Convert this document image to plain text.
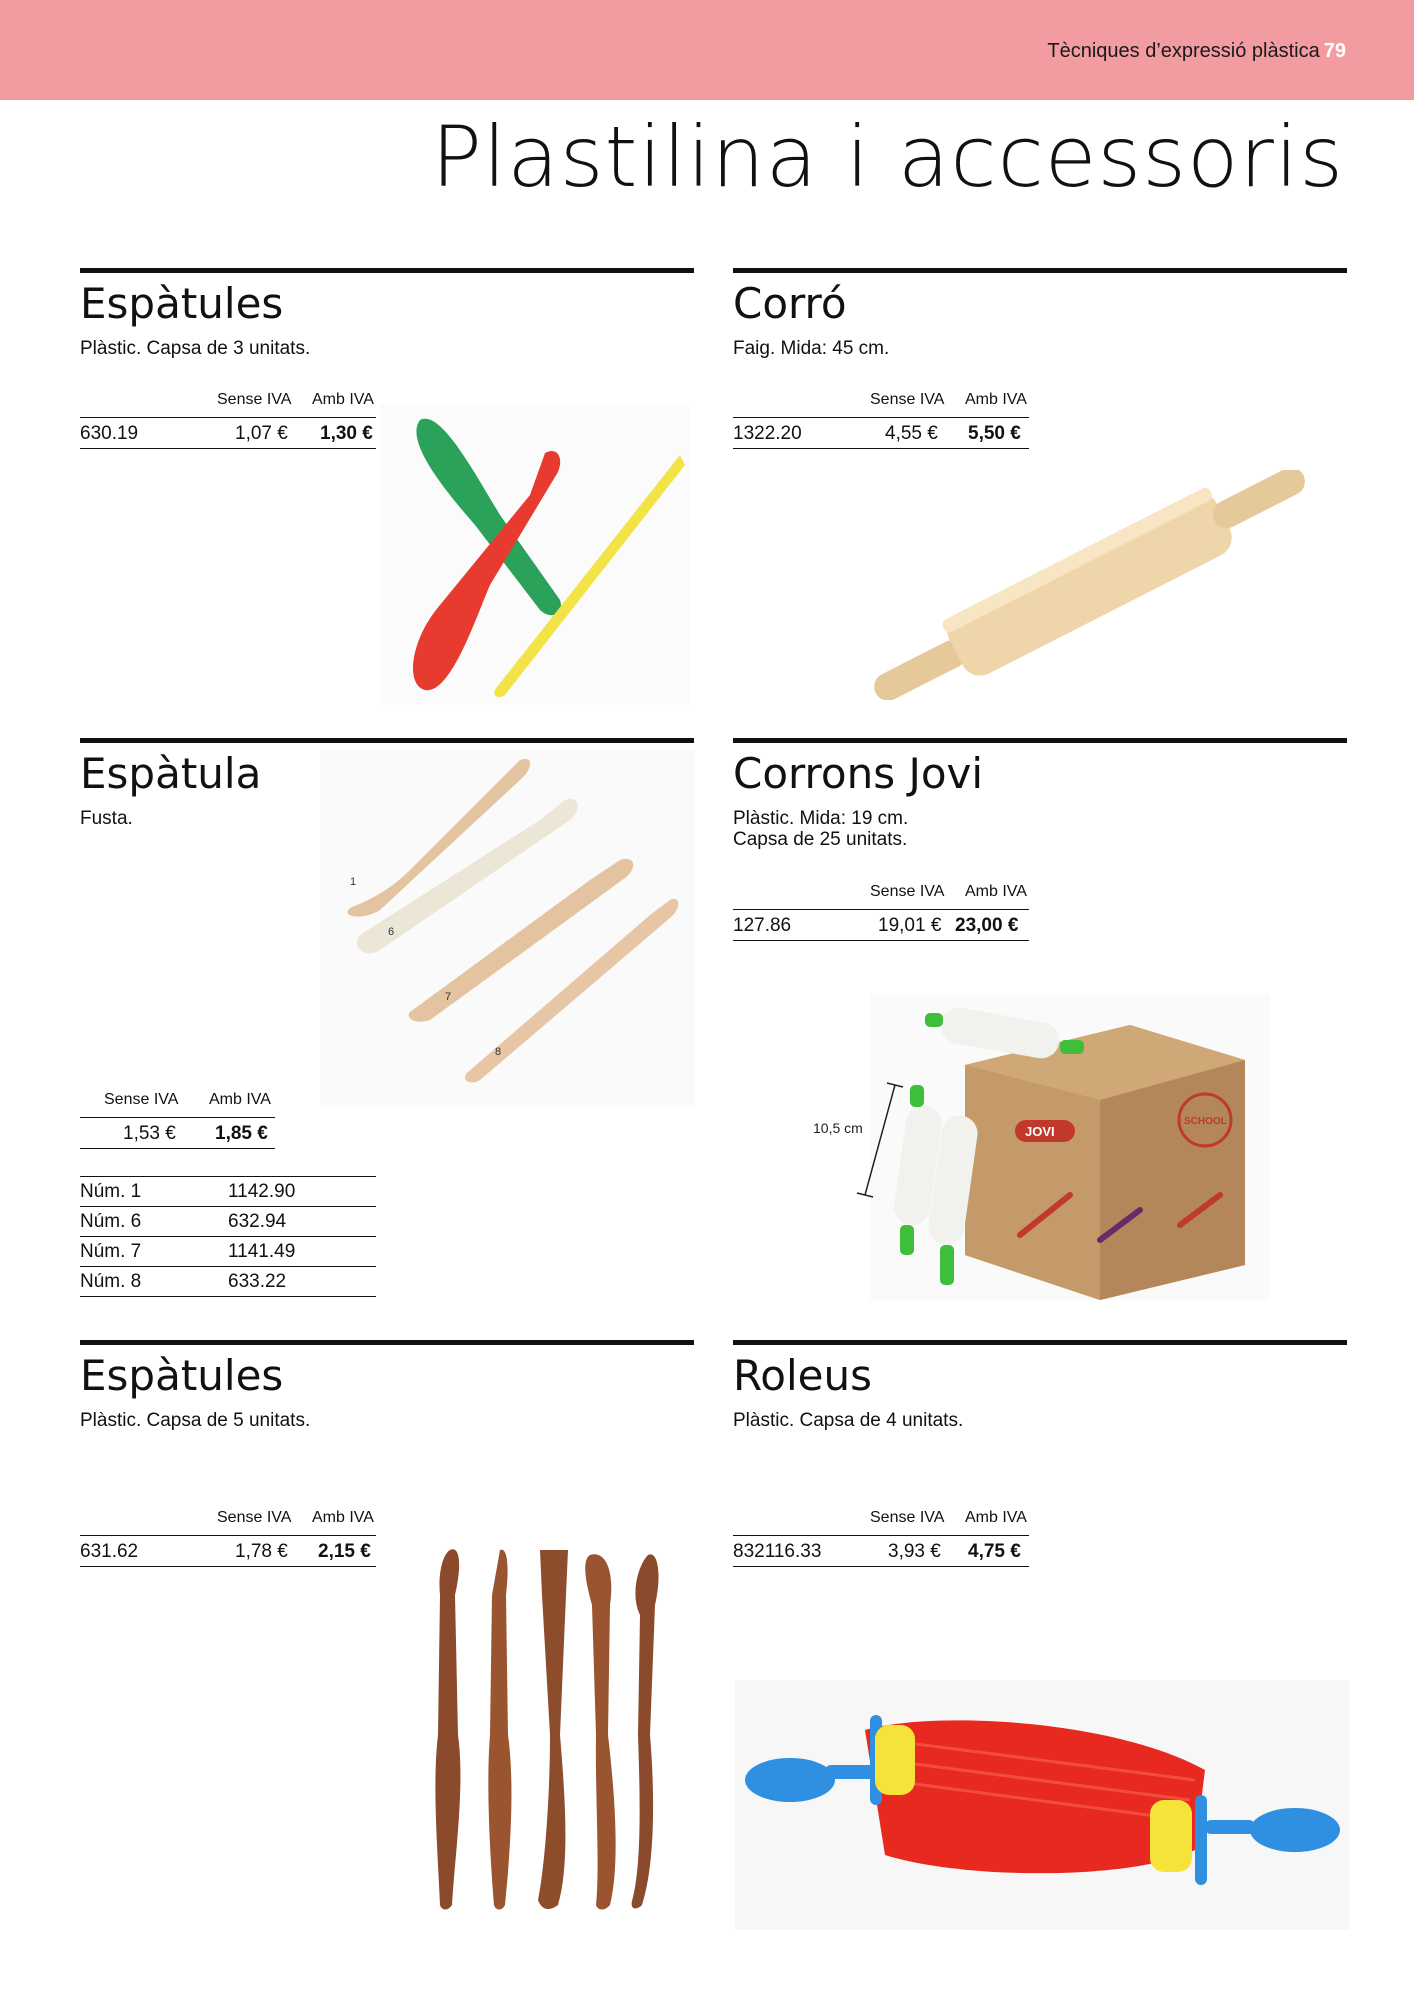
Tècniques d’expressió plàstica 79
Plastilina i accessoris
Espàtules
Plàstic. Capsa de 3 unitats.
Sense IVA Amb IVA
630.19	1,07 € 1,30 €
Corró
Faig. Mida: 45 cm.
Sense IVA Amb IVA
1322.20	4,55 € 5,50 €
Espàtula
Fusta.
1
6
7
8
Sense IVA Amb IVA
1,53 € 1,85 €
Núm. 1	1142.90
Núm. 6	632.94
Núm. 7	1141.49
Núm. 8	633.22
Corrons Jovi
Plàstic. Mida: 19 cm.
Capsa de 25 unitats.
Sense IVA Amb IVA
127.86	19,01 € 23,00 €
JOVI
SCHOOL
10,5 cm
Espàtules
Plàstic. Capsa de 5 unitats.
Sense IVA Amb IVA
631.62	1,78 € 2,15 €
Roleus
Plàstic. Capsa de 4 unitats.
Sense IVA Amb IVA
832116.33	3,93 € 4,75 €
